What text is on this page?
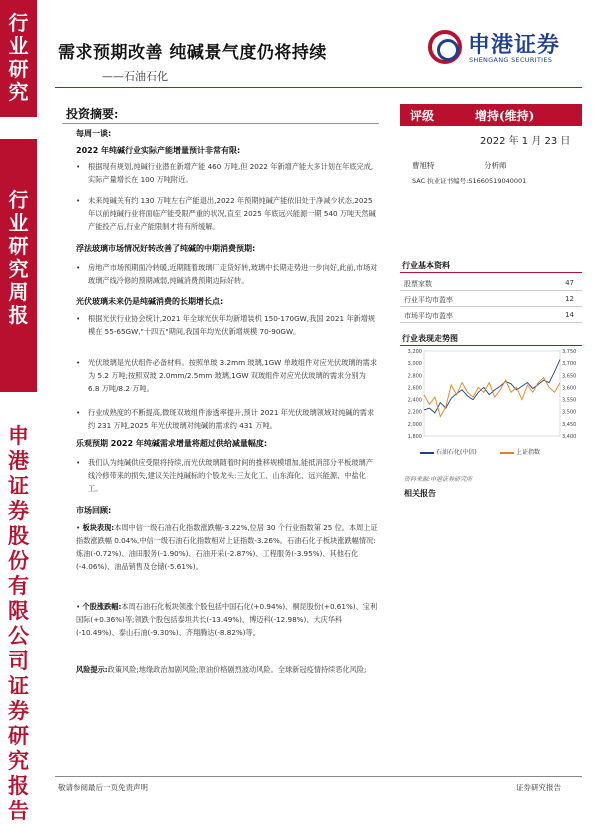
行业研究
行业研究周报
申港证券股份有限公司证券研究报告
需求预期改善 纯碱景气度仍将持续
——石油石化
申港证券
SHENGANG SECURITIES
投资摘要:
每周一谈:
2022 年纯碱行业实际产能增量预计非常有限:
• 根据现有规划,纯碱行业潜在新增产能 460 万吨,但 2022 年新增产能大多计划在年底完成,实际产量增长在 100 万吨附近。
• 未来纯碱关有约 130 万吨左右产能退出,2022 年预期纯碱产能依旧处于净减少状态,2025 年以前纯碱行业将面临产能受限严重的状况,直至 2025 年底远兴能源一期 540 万吨天然碱产能投产后,行业产能限制才将有所缓解。
浮法玻璃市场情况好转改善了纯碱的中期消费预期:
• 房地产市场预期面冷转暖,近期随着玻璃厂走货好转,玻璃中长期走势进一步向好,此前,市场对玻璃产线冷修的预期减弱,纯碱消费预期边际好转。
光伏玻璃未来仍是纯碱消费的长期增长点:
• 根据光伏行业协会统计,2021 年全球光伏年均新增装机 150-170GW,我国 2021 年新增规模在 55-65GW,"十四五"期间,我国年均光伏新增规模 70-90GW。
• 光伏玻璃是光伏组件必备材料。按照单玻 3.2mm 玻璃,1GW 单玻组件对应光伏玻璃的需求为 5.2 万吨;按照双玻 2.0mm/2.5mm 玻璃,1GW 双玻组件对应光伏玻璃的需求分别为 6.8 万吨/8.2 万吨。
• 行业成熟度的不断提高,微斑双玻组件渗透率提升,预计 2021 年光伏玻璃领域对纯碱的需求约 231 万吨,2025 年光伏玻璃对纯碱的需求约 431 万吨。
乐观预期 2022 年纯碱需求增量将超过供给减量幅度:
• 我们认为纯碱供应受限将持续,而光伏玻璃随着时间的推移规模增加,能抵消部分平板玻璃产线冷修带来的损失,建议关注纯碱标的个股龙头:三友化工、山东海化、远兴能源、中盐化工。
市场回顾:
• 板块表现:本周中信一级石油石化指数涨跌幅-3.22%,位居 30 个行业指数第 25 位。本周上证指数涨跌幅 0.04%,中信一级石油石化指数相对上证指数-3.26%。石油石化子板块涨跌幅情况:炼油(-0.72%)、油田服务(-1.90%)、石油开采(-2.87%)、工程服务(-3.95%)、其他石化(-4.06%)、油品销售及仓储(-5.61%)。
• 个股涨跌幅:本周石油石化板块领涨个股包括中国石化(+0.94%)、桐昆股份(+0.61%)、宝利国际(+0.36%)等;领跌个股包括泰坦共长(-13.49%)、博迈科(-12.98%)、大庆华科(-10.49%)、泰山石油(-9.30%)、齐翔腾达(-8.82%)等。
风险提示:政策风险;地缘政治加剧风险;原油价格剧烈波动风险。全球新冠疫情持续恶化风险;
评级	增持(维持)
2022 年 1 月 23 日
曹旭特	分析师
SAC 执业证书编号:S1660519040001
行业基本资料
股票家数	47
行业平均市盈率	12
市场平均市盈率	14
行业表现走势图
3,200
3,000
2,800
2,600
2,400
2,200
2,000
1,800
3,750
3,700
3,650
3,600
3,550
3,500
3,450
3,400
石油石化(中信)	上证指数
资料来源:申港证券研究所
相关报告
敬请参阅最后一页免责声明	证券研究报告
